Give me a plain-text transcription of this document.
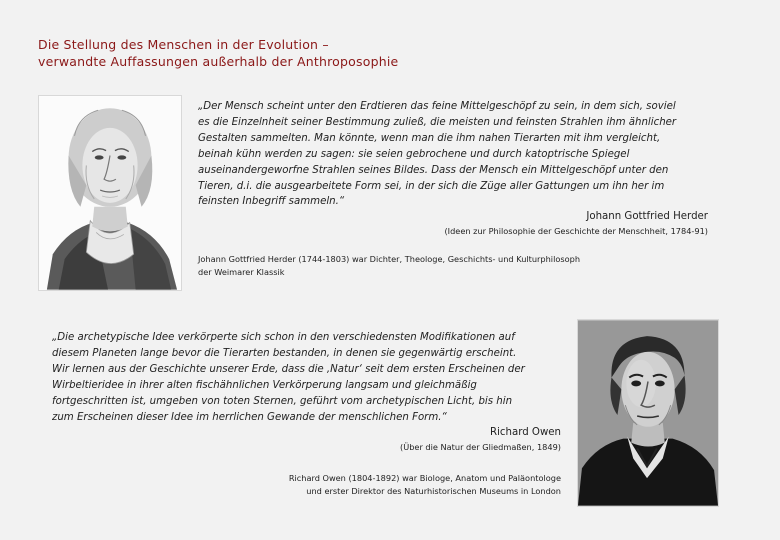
Die Stellung des Menschen in der Evolution –
verwandte Auffassungen außerhalb der Anthroposophie
„Der Mensch scheint unter den Erdtieren das feine Mittelgeschöpf zu sein, in dem sich, soviel
es die Einzelnheit seiner Bestimmung zuließ, die meisten und feinsten Strahlen ihm ähnlicher
Gestalten sammelten. Man könnte, wenn man die ihm nahen Tierarten mit ihm vergleicht,
beinah kühn werden zu sagen: sie seien gebrochene und durch katoptrische Spiegel
auseinandergeworfne Strahlen seines Bildes. Dass der Mensch ein Mittelgeschöpf unter den
Tieren, d.i. die ausgearbeitete Form sei, in der sich die Züge aller Gattungen um ihn her im
feinsten Inbegriff sammeln.“
Johann Gottfried Herder
(Ideen zur Philosophie der Geschichte der Menschheit, 1784-91)
Johann Gottfried Herder (1744-1803) war Dichter, Theologe, Geschichts- und Kulturphilosoph
der Weimarer Klassik
„Die archetypische Idee verkörperte sich schon in den verschiedensten Modifikationen auf
diesem Planeten lange bevor die Tierarten bestanden, in denen sie gegenwärtig erscheint.
Wir lernen aus der Geschichte unserer Erde, dass die ‚Natur‘ seit dem ersten Erscheinen der
Wirbeltieridee in ihrer alten fischähnlichen Verkörperung langsam und gleichmäßig
fortgeschritten ist, umgeben von toten Sternen, geführt vom archetypischen Licht, bis hin
zum Erscheinen dieser Idee im herrlichen Gewande der menschlichen Form.“
Richard Owen
(Über die Natur der Gliedmaßen, 1849)
Richard Owen (1804-1892) war Biologe, Anatom und Paläontologe
und erster Direktor des Naturhistorischen Museums in London
